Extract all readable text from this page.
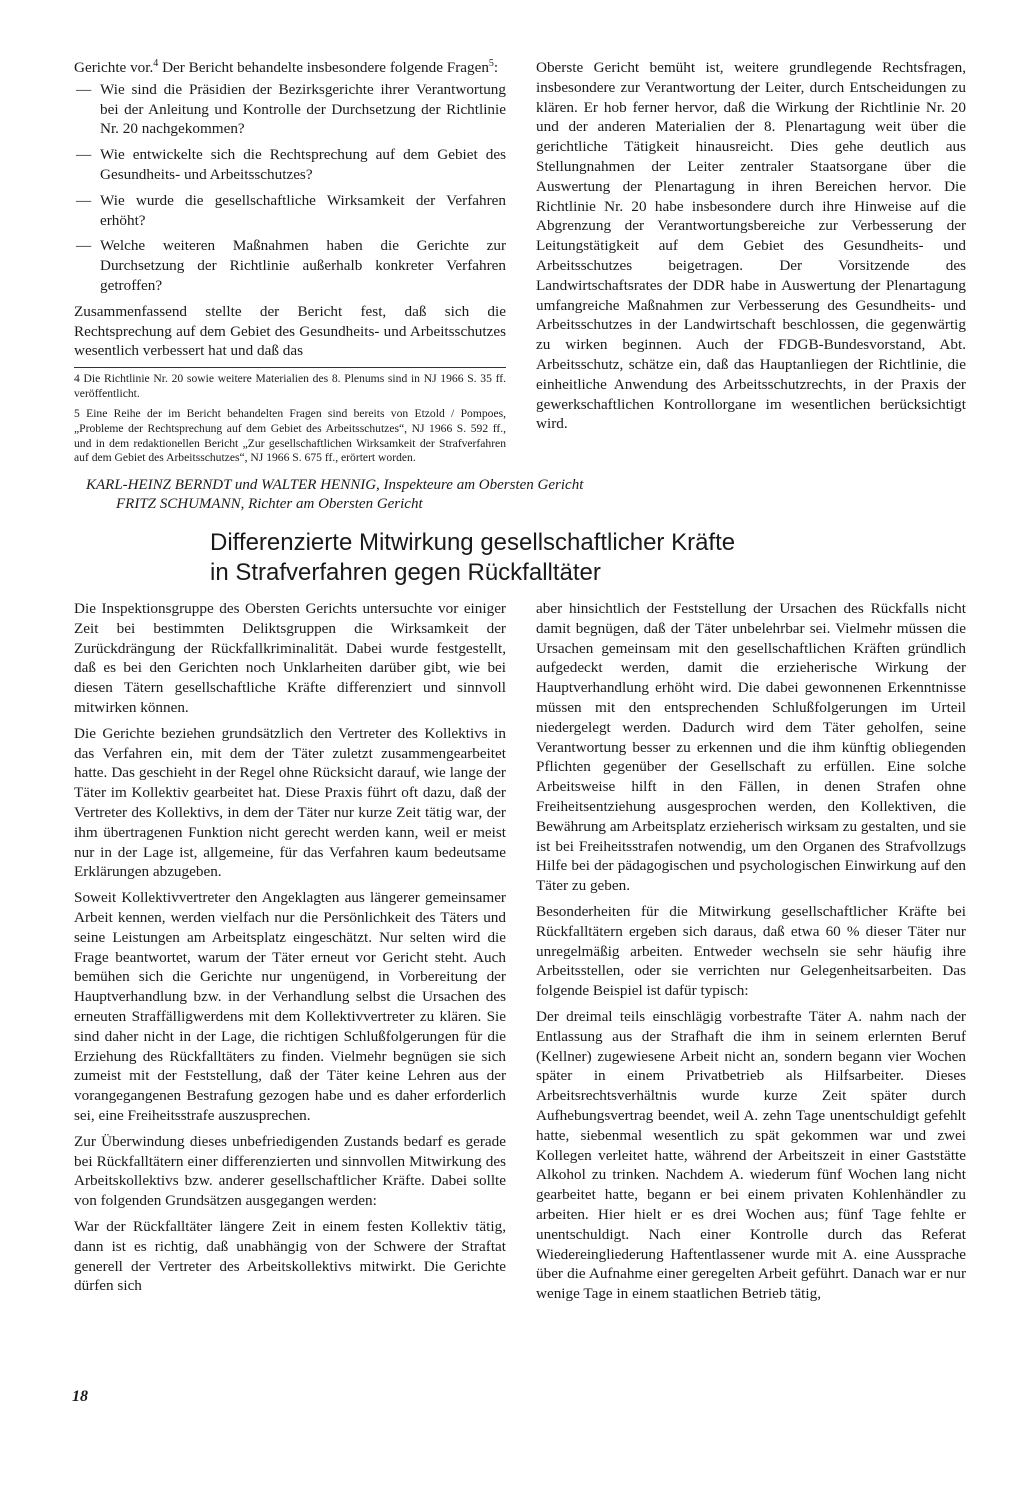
Gerichte vor.$^4$ Der Bericht behandelte insbesondere folgende Fragen$^5$:

— Wie sind die Präsidien der Bezirksgerichte ihrer Verantwortung bei der Anleitung und Kontrolle der Durchsetzung der Richtlinie Nr. 20 nachgekommen?

— Wie entwickelte sich die Rechtsprechung auf dem Gebiet des Gesundheits- und Arbeitsschutzes?

— Wie wurde die gesellschaftliche Wirksamkeit der Verfahren erhöht?

— Welche weiteren Maßnahmen haben die Gerichte zur Durchsetzung der Richtlinie außerhalb konkreter Verfahren getroffen?

Zusammenfassend stellte der Bericht fest, daß sich die Rechtsprechung auf dem Gebiet des Gesundheits- und Arbeitsschutzes wesentlich verbessert hat und daß das

4 Die Richtlinie Nr. 20 sowie weitere Materialien des 8. Plenums sind in NJ 1966 S. 35 ff. veröffentlicht.

5 Eine Reihe der im Bericht behandelten Fragen sind bereits von Etzold / Pompoes, „Probleme der Rechtsprechung auf dem Gebiet des Arbeitsschutzes“, NJ 1966 S. 592 ff., und in dem redaktionellen Bericht „Zur gesellschaftlichen Wirksamkeit der Strafverfahren auf dem Gebiet des Arbeitsschutzes“, NJ 1966 S. 675 ff., erörtert worden.

Oberste Gericht bemüht ist, weitere grundlegende Rechtsfragen, insbesondere zur Verantwortung der Leiter, durch Entscheidungen zu klären. Er hob ferner hervor, daß die Wirkung der Richtlinie Nr. 20 und der anderen Materialien der 8. Plenartagung weit über die gerichtliche Tätigkeit hinausreicht. Dies gehe deutlich aus Stellungnahmen der Leiter zentraler Staatsorgane über die Auswertung der Plenartagung in ihren Bereichen hervor. Die Richtlinie Nr. 20 habe insbesondere durch ihre Hinweise auf die Abgrenzung der Verantwortungsbereiche zur Verbesserung der Leitungstätigkeit auf dem Gebiet des Gesundheits- und Arbeitsschutzes beigetragen. Der Vorsitzende des Landwirtschaftsrates der DDR habe in Auswertung der Plenartagung umfangreiche Maßnahmen zur Verbesserung des Gesundheits- und Arbeitsschutzes in der Landwirtschaft beschlossen, die gegenwärtig zu wirken beginnen. Auch der FDGB-Bundesvorstand, Abt. Arbeitsschutz, schätze ein, daß das Hauptanliegen der Richtlinie, die einheitliche Anwendung des Arbeitsschutzrechts, in der Praxis der gewerkschaftlichen Kontrollorgane im wesentlichen berücksichtigt wird.

KARL-HEINZ BERNDT und WALTER HENNIG, Inspekteure am Obersten Gericht
FRITZ SCHUMANN, Richter am Obersten Gericht
Differenzierte Mitwirkung gesellschaftlicher Kräfte
in Strafverfahren gegen Rückfalltäter

Die Inspektionsgruppe des Obersten Gerichts untersuchte vor einiger Zeit bei bestimmten Deliktsgruppen die Wirksamkeit der Zurückdrängung der Rückfallkriminalität. Dabei wurde festgestellt, daß es bei den Gerichten noch Unklarheiten darüber gibt, wie bei diesen Tätern gesellschaftliche Kräfte differenziert und sinnvoll mitwirken können.

Die Gerichte beziehen grundsätzlich den Vertreter des Kollektivs in das Verfahren ein, mit dem der Täter zuletzt zusammengearbeitet hatte. Das geschieht in der Regel ohne Rücksicht darauf, wie lange der Täter im Kollektiv gearbeitet hat. Diese Praxis führt oft dazu, daß der Vertreter des Kollektivs, in dem der Täter nur kurze Zeit tätig war, der ihm übertragenen Funktion nicht gerecht werden kann, weil er meist nur in der Lage ist, allgemeine, für das Verfahren kaum bedeutsame Erklärungen abzugeben.

Soweit Kollektivvertreter den Angeklagten aus längerer gemeinsamer Arbeit kennen, werden vielfach nur die Persönlichkeit des Täters und seine Leistungen am Arbeitsplatz eingeschätzt. Nur selten wird die Frage beantwortet, warum der Täter erneut vor Gericht steht. Auch bemühen sich die Gerichte nur ungenügend, in Vorbereitung der Hauptverhandlung bzw. in der Verhandlung selbst die Ursachen des erneuten Straffälligwerdens mit dem Kollektivvertreter zu klären. Sie sind daher nicht in der Lage, die richtigen Schlußfolgerungen für die Erziehung des Rückfalltäters zu finden. Vielmehr begnügen sie sich zumeist mit der Feststellung, daß der Täter keine Lehren aus der vorangegangenen Bestrafung gezogen habe und es daher erforderlich sei, eine Freiheitsstrafe auszusprechen.

Zur Überwindung dieses unbefriedigenden Zustands bedarf es gerade bei Rückfalltätern einer differenzierten und sinnvollen Mitwirkung des Arbeitskollektivs bzw. anderer gesellschaftlicher Kräfte. Dabei sollte von folgenden Grundsätzen ausgegangen werden:

War der Rückfalltäter längere Zeit in einem festen Kollektiv tätig, dann ist es richtig, daß unabhängig von der Schwere der Straftat generell der Vertreter des Arbeitskollektivs mitwirkt. Die Gerichte dürfen sich

aber hinsichtlich der Feststellung der Ursachen des Rückfalls nicht damit begnügen, daß der Täter unbelehrbar sei. Vielmehr müssen die Ursachen gemeinsam mit den gesellschaftlichen Kräften gründlich aufgedeckt werden, damit die erzieherische Wirkung der Hauptverhandlung erhöht wird. Die dabei gewonnenen Erkenntnisse müssen mit den entsprechenden Schlußfolgerungen im Urteil niedergelegt werden. Dadurch wird dem Täter geholfen, seine Verantwortung besser zu erkennen und die ihm künftig obliegenden Pflichten gegenüber der Gesellschaft zu erfüllen. Eine solche Arbeitsweise hilft in den Fällen, in denen Strafen ohne Freiheitsentziehung ausgesprochen werden, den Kollektiven, die Bewährung am Arbeitsplatz erzieherisch wirksam zu gestalten, und sie ist bei Freiheitsstrafen notwendig, um den Organen des Strafvollzugs Hilfe bei der pädagogischen und psychologischen Einwirkung auf den Täter zu geben.

Besonderheiten für die Mitwirkung gesellschaftlicher Kräfte bei Rückfalltätern ergeben sich daraus, daß etwa 60 % dieser Täter nur unregelmäßig arbeiten. Entweder wechseln sie sehr häufig ihre Arbeitsstellen, oder sie verrichten nur Gelegenheitsarbeiten. Das folgende Beispiel ist dafür typisch:

Der dreimal teils einschlägig vorbestrafte Täter A. nahm nach der Entlassung aus der Strafhaft die ihm in seinem erlernten Beruf (Kellner) zugewiesene Arbeit nicht an, sondern begann vier Wochen später in einem Privatbetrieb als Hilfsarbeiter. Dieses Arbeitsrechtsverhältnis wurde kurze Zeit später durch Aufhebungsvertrag beendet, weil A. zehn Tage unentschuldigt gefehlt hatte, siebenmal wesentlich zu spät gekommen war und zwei Kollegen verleitet hatte, während der Arbeitszeit in einer Gaststätte Alkohol zu trinken. Nachdem A. wiederum fünf Wochen lang nicht gearbeitet hatte, begann er bei einem privaten Kohlenhändler zu arbeiten. Hier hielt er es drei Wochen aus; fünf Tage fehlte er unentschuldigt. Nach einer Kontrolle durch das Referat Wiedereingliederung Haftentlassener wurde mit A. eine Aussprache über die Aufnahme einer geregelten Arbeit geführt. Danach war er nur wenige Tage in einem staatlichen Betrieb tätig,

18
